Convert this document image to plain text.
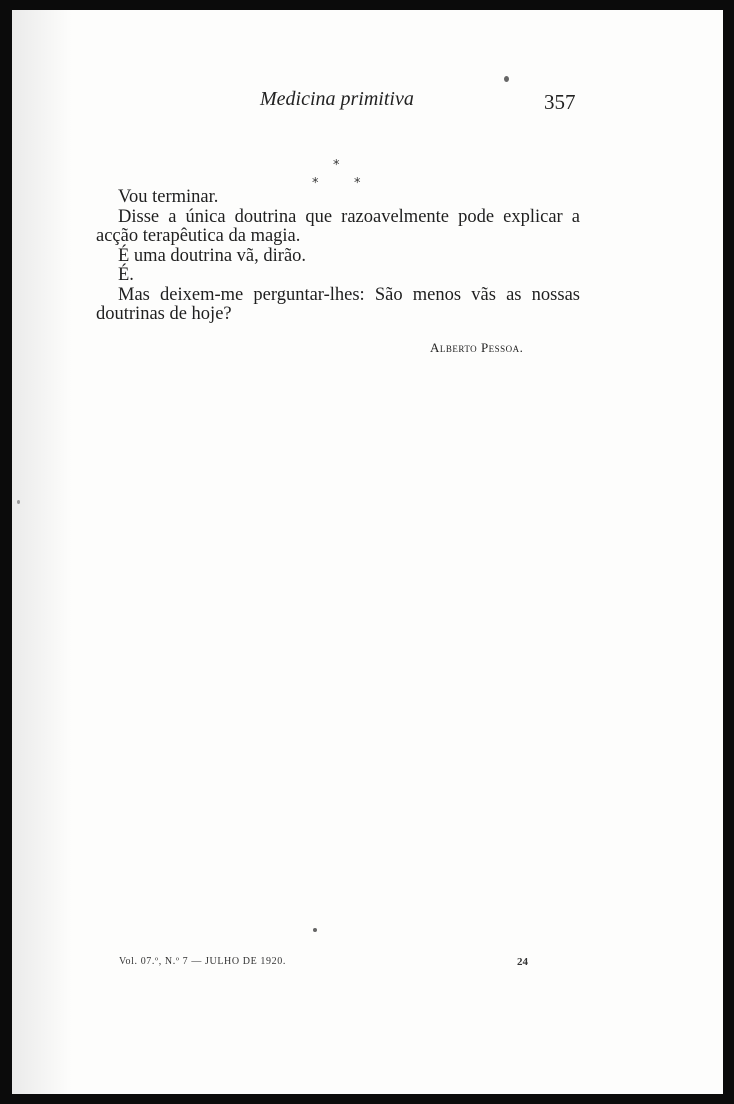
Medicina primitiva	357
*
*	*

Vou terminar.

Disse a única doutrina que razoavelmente pode explicar a acção terapêutica da magia.

É uma doutrina vã, dirão.

É.

Mas deixem-me perguntar-lhes: São menos vãs as nossas doutrinas de hoje?

Alberto Pessoa.
Vol. 07.º, N.º 7 — JULHO DE 1920.	24
